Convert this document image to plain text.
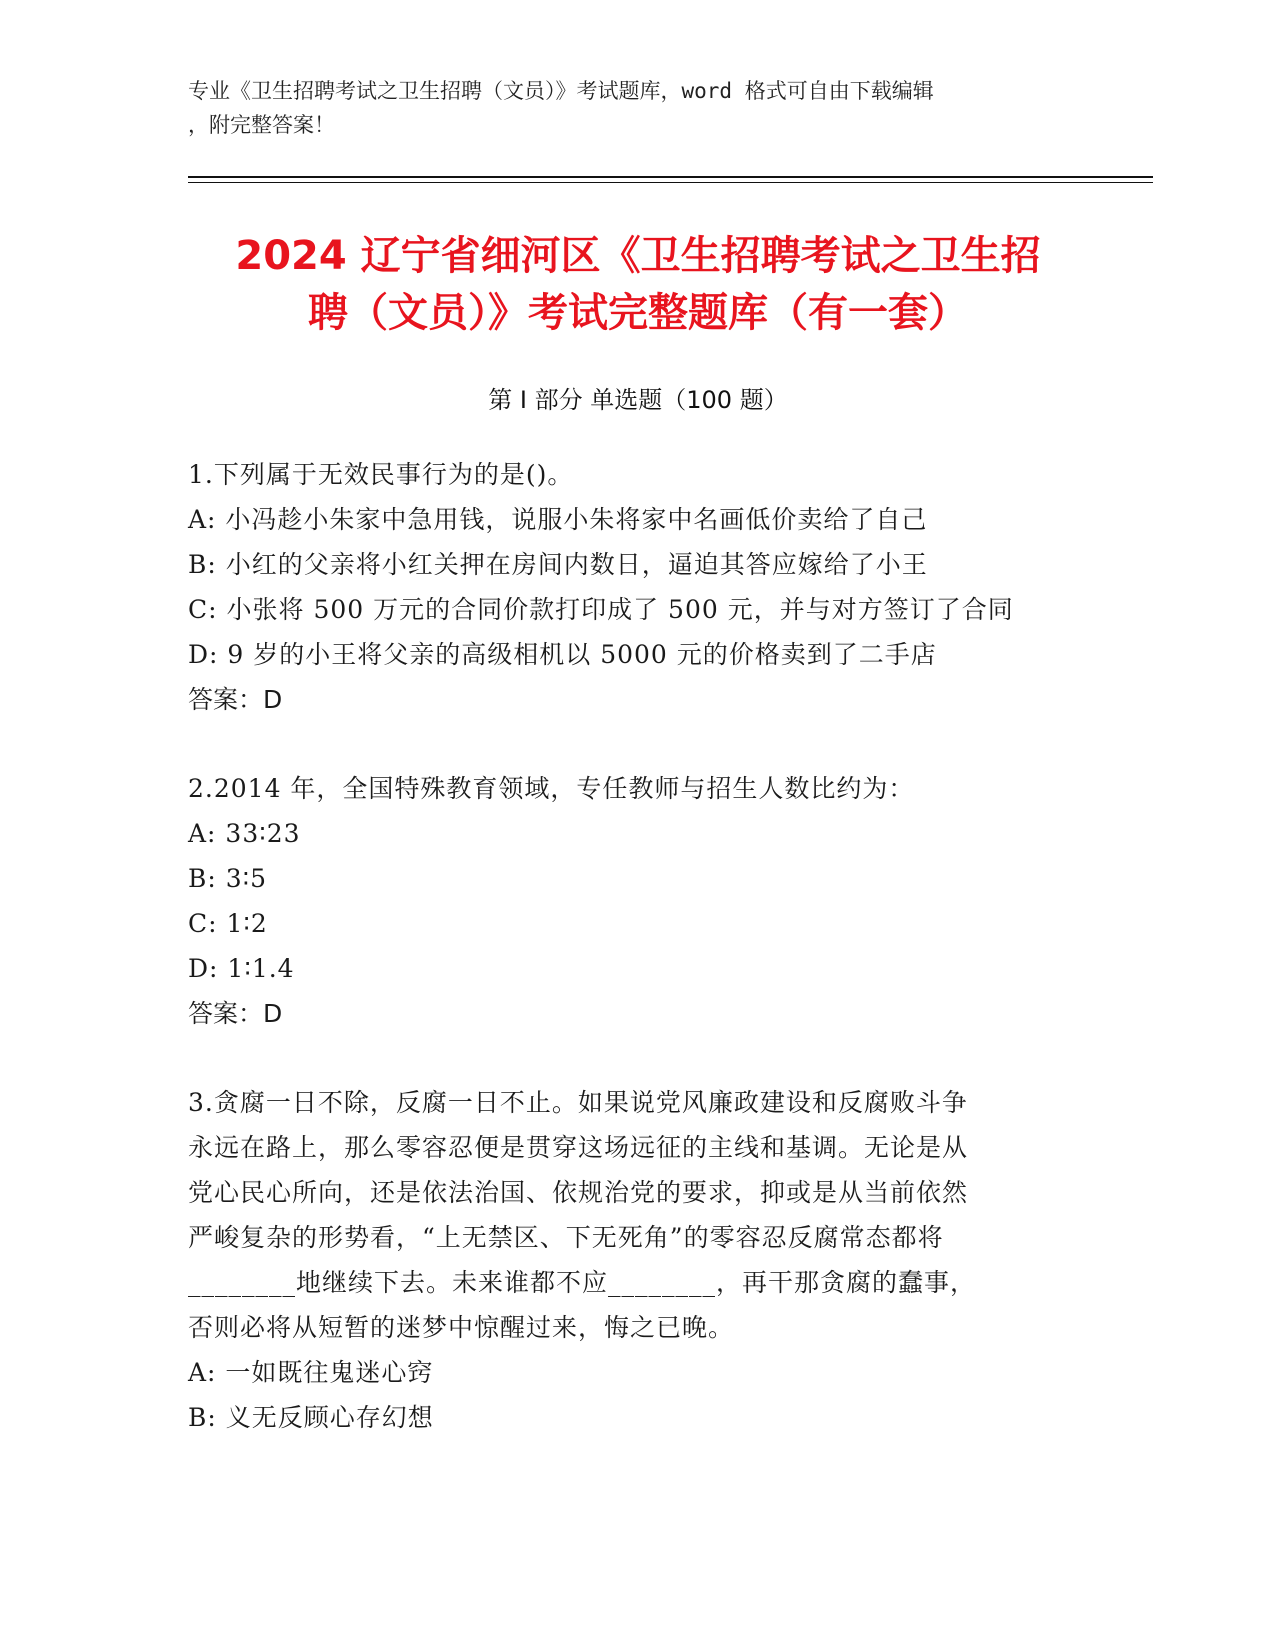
专业《卫生招聘考试之卫生招聘（文员）》考试题库，word 格式可自由下载编辑
，附完整答案！
2024 辽宁省细河区《卫生招聘考试之卫生招
聘（文员）》考试完整题库（有一套）
第 I 部分 单选题（100 题）
1.下列属于无效民事行为的是()。
A: 小冯趁小朱家中急用钱，说服小朱将家中名画低价卖给了自己
B: 小红的父亲将小红关押在房间内数日，逼迫其答应嫁给了小王
C: 小张将 500 万元的合同价款打印成了 500 元，并与对方签订了合同
D: 9 岁的小王将父亲的高级相机以 5000 元的价格卖到了二手店
答案：D
2.2014 年，全国特殊教育领域，专任教师与招生人数比约为：
A: 33∶23
B: 3∶5
C: 1∶2
D: 1∶1.4
答案：D
3.贪腐一日不除，反腐一日不止。如果说党风廉政建设和反腐败斗争
永远在路上，那么零容忍便是贯穿这场远征的主线和基调。无论是从
党心民心所向，还是依法治国、依规治党的要求，抑或是从当前依然
严峻复杂的形势看，“上无禁区、下无死角”的零容忍反腐常态都将
________地继续下去。未来谁都不应________，再干那贪腐的蠢事，
否则必将从短暂的迷梦中惊醒过来，悔之已晚。
A: 一如既往鬼迷心窍
B: 义无反顾心存幻想
